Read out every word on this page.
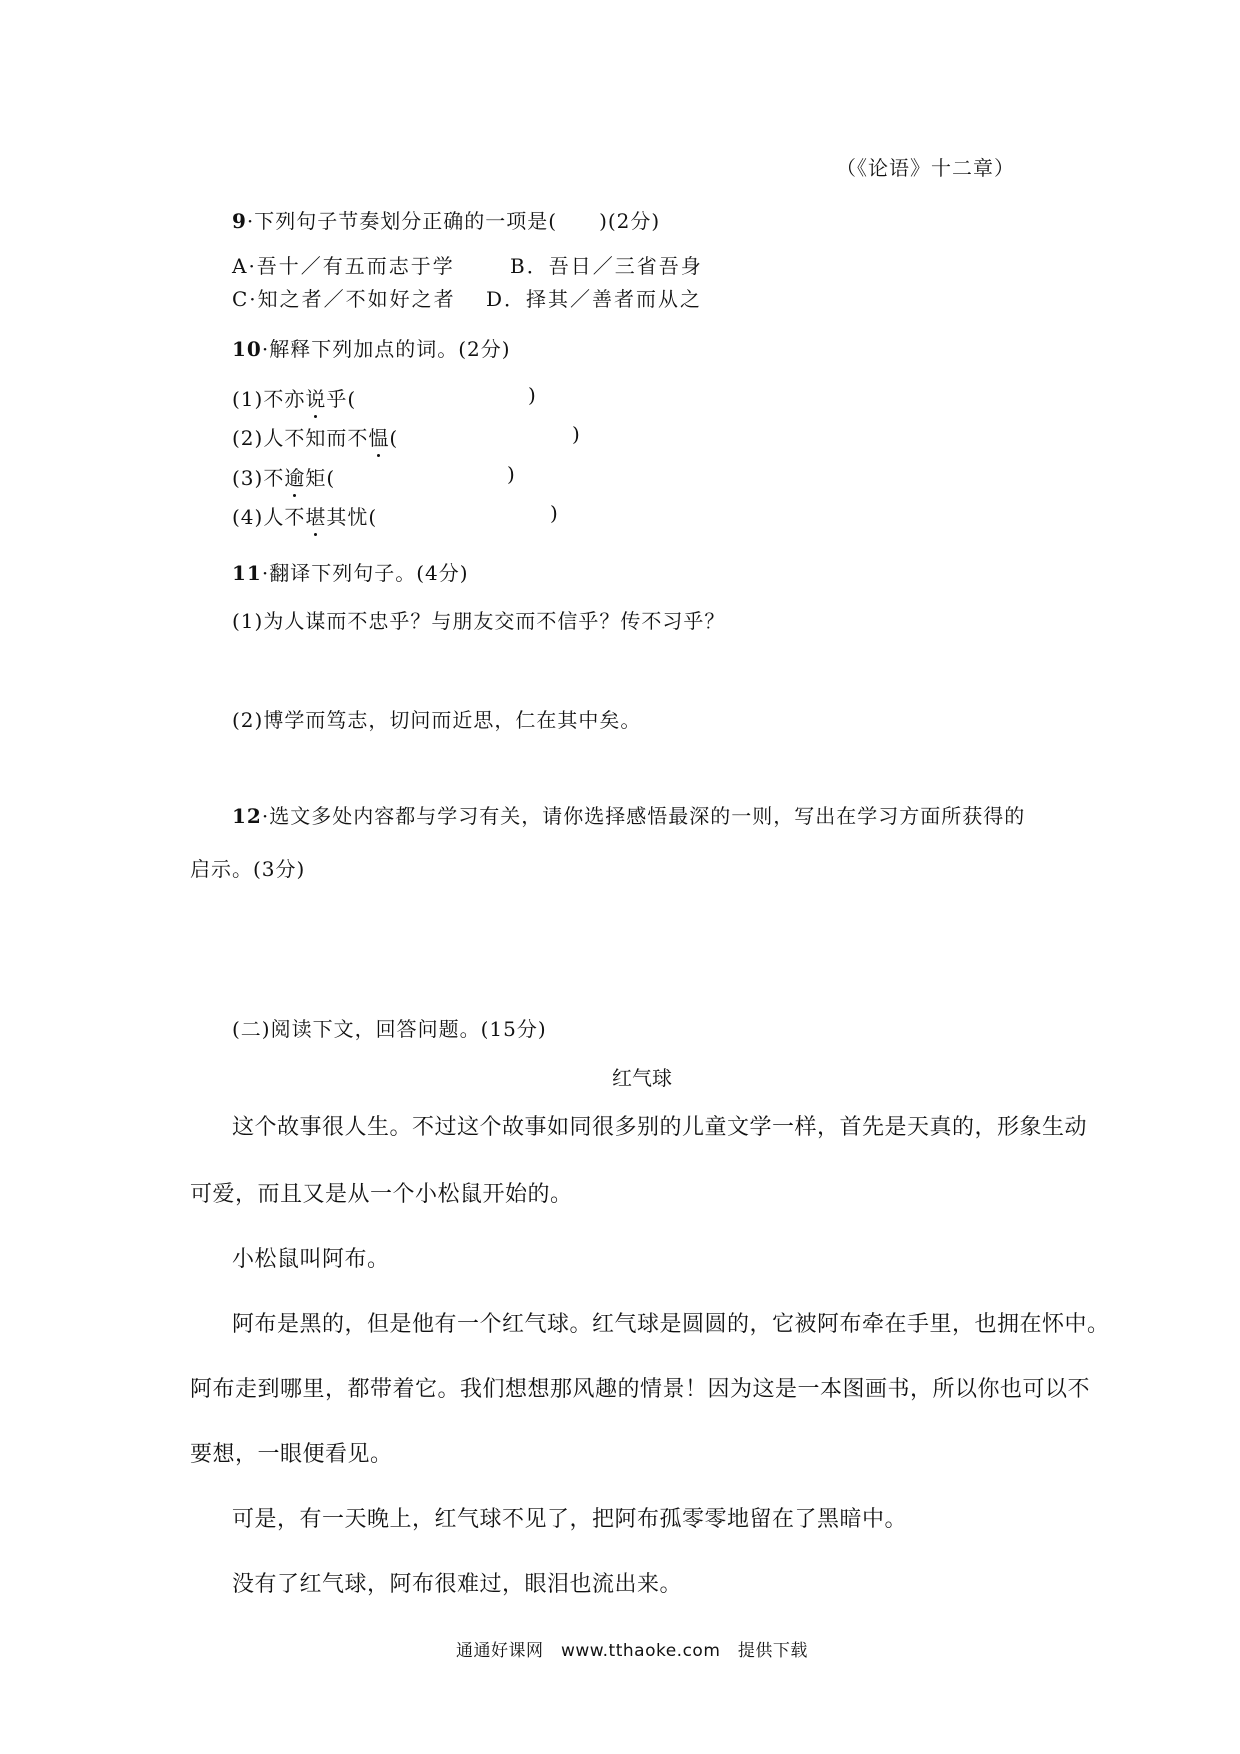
（《论语》十二章）
9·下列句子节奏划分正确的一项是(　　)(2分)
A·吾十／有五而志于学	B．吾日／三省吾身
C·知之者／不如好之者 D．择其／善者而从之
10·解释下列加点的词。(2分)
(1)不亦说乎(	)
(2)人不知而不愠(	)
(3)不逾矩(	)
(4)人不堪其忧(	)
11·翻译下列句子。(4分)
(1)为人谋而不忠乎？与朋友交而不信乎？传不习乎？
(2)博学而笃志，切问而近思，仁在其中矣。
12·选文多处内容都与学习有关，请你选择感悟最深的一则，写出在学习方面所获得的
启示。(3分)
(二)阅读下文，回答问题。(15分)
红气球
这个故事很人生。不过这个故事如同很多别的儿童文学一样，首先是天真的，形象生动
可爱，而且又是从一个小松鼠开始的。
小松鼠叫阿布。
阿布是黑的，但是他有一个红气球。红气球是圆圆的，它被阿布牵在手里，也拥在怀中。
阿布走到哪里，都带着它。我们想想那风趣的情景！因为这是一本图画书，所以你也可以不
要想，一眼便看见。
可是，有一天晚上，红气球不见了，把阿布孤零零地留在了黑暗中。
没有了红气球，阿布很难过，眼泪也流出来。
通通好课网　www.tthaoke.com　提供下载
